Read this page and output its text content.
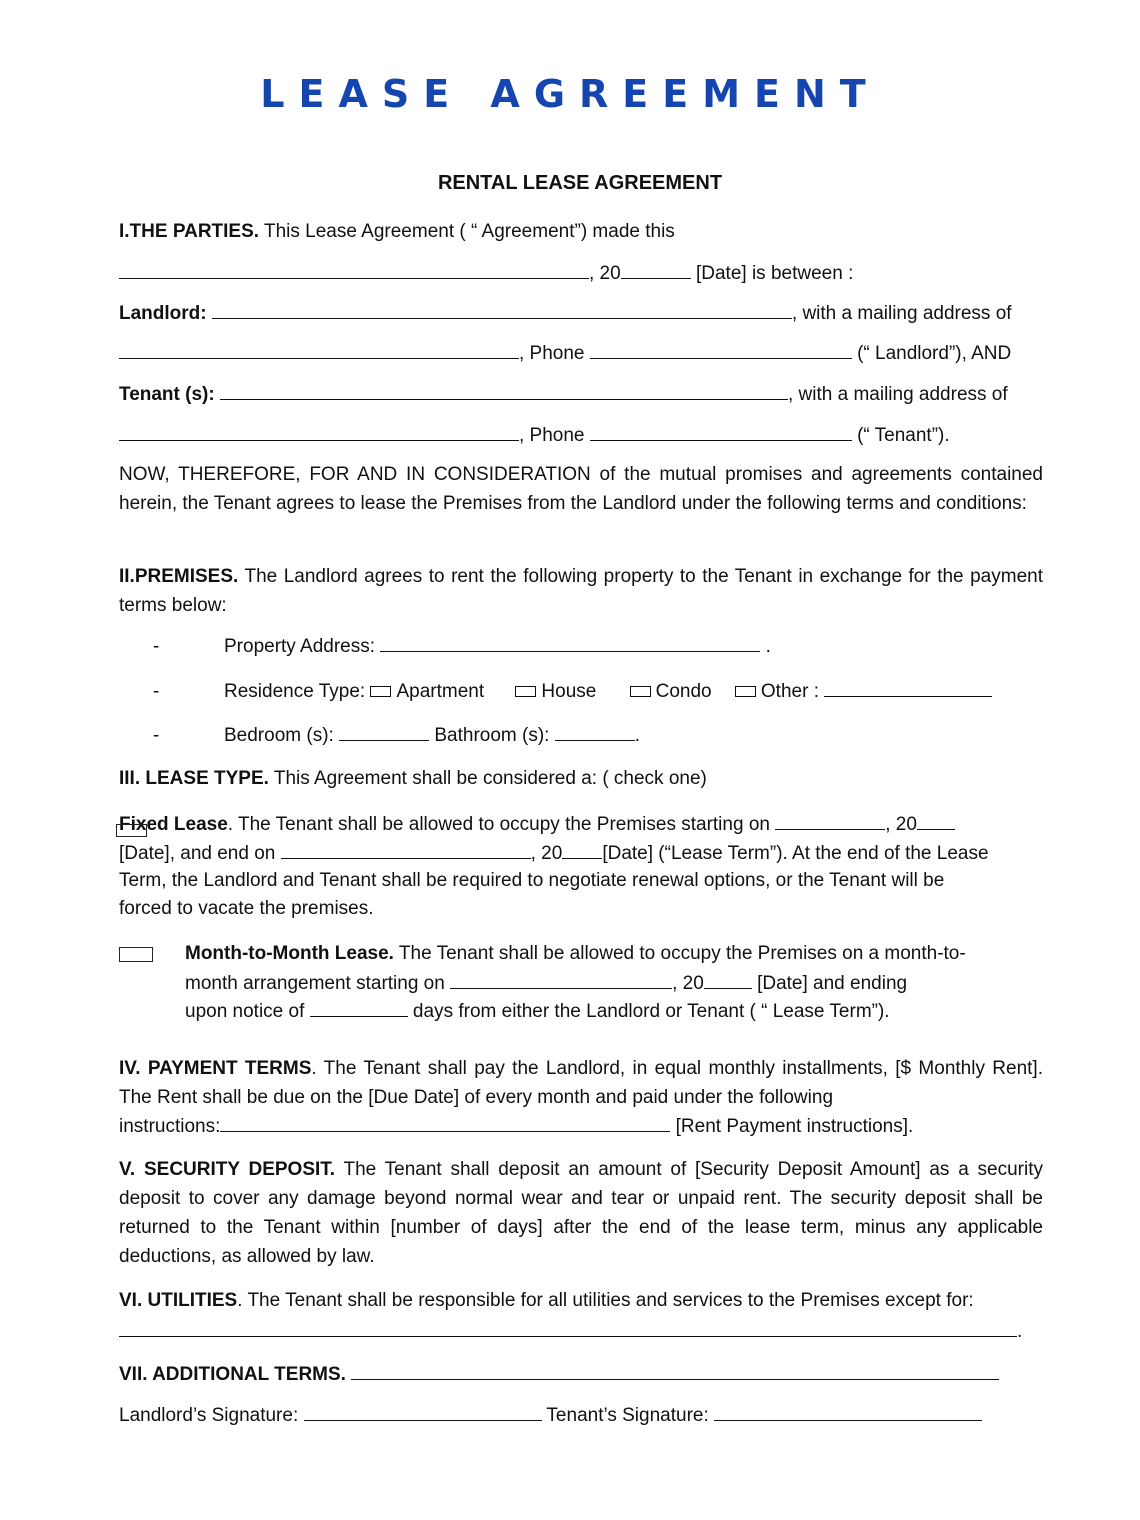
LEASE AGREEMENT
RENTAL LEASE AGREEMENT
I.THE PARTIES. This Lease Agreement ( “ Agreement”) made this
, 20	[Date] is between :
Landlord:	, with a mailing address of
, Phone	(“ Landlord”), AND
Tenant (s):	, with a mailing address of
, Phone	(“ Tenant”).
NOW, THEREFORE, FOR AND IN CONSIDERATION of the mutual promises and agreements contained herein, the Tenant agrees to lease the Premises from the Landlord under the following terms and conditions:
II.PREMISES. The Landlord agrees to rent the following property to the Tenant in exchange for the payment terms below:
-	Property Address:	.
-	Residence Type: Apartment	House	Condo	Other :
-	Bedroom (s):	Bathroom (s):	.
III. LEASE TYPE. This Agreement shall be considered a: ( check one)
Fixed Lease. The Tenant shall be allowed to occupy the Premises starting on	, 20
[Date], and end on	, 20 [Date] (“Lease Term”). At the end of the Lease
Term, the Landlord and Tenant shall be required to negotiate renewal options, or the Tenant will be
forced to vacate the premises.
Month-to-Month Lease. The Tenant shall be allowed to occupy the Premises on a month-to-
month arrangement starting on	, 20	[Date] and ending
upon notice of	days from either the Landlord or Tenant ( “ Lease Term”).
IV. PAYMENT TERMS. The Tenant shall pay the Landlord, in equal monthly installments, [$ Monthly Rent]. The Rent shall be due on the [Due Date] of every month and paid under the following
instructions:	[Rent Payment instructions].
V. SECURITY DEPOSIT. The Tenant shall deposit an amount of [Security Deposit Amount] as a security deposit to cover any damage beyond normal wear and tear or unpaid rent. The security deposit shall be returned to the Tenant within [number of days] after the end of the lease term, minus any applicable deductions, as allowed by law.
VI. UTILITIES. The Tenant shall be responsible for all utilities and services to the Premises except for:
.
VII. ADDITIONAL TERMS.
Landlord’s Signature:	Tenant’s Signature:
